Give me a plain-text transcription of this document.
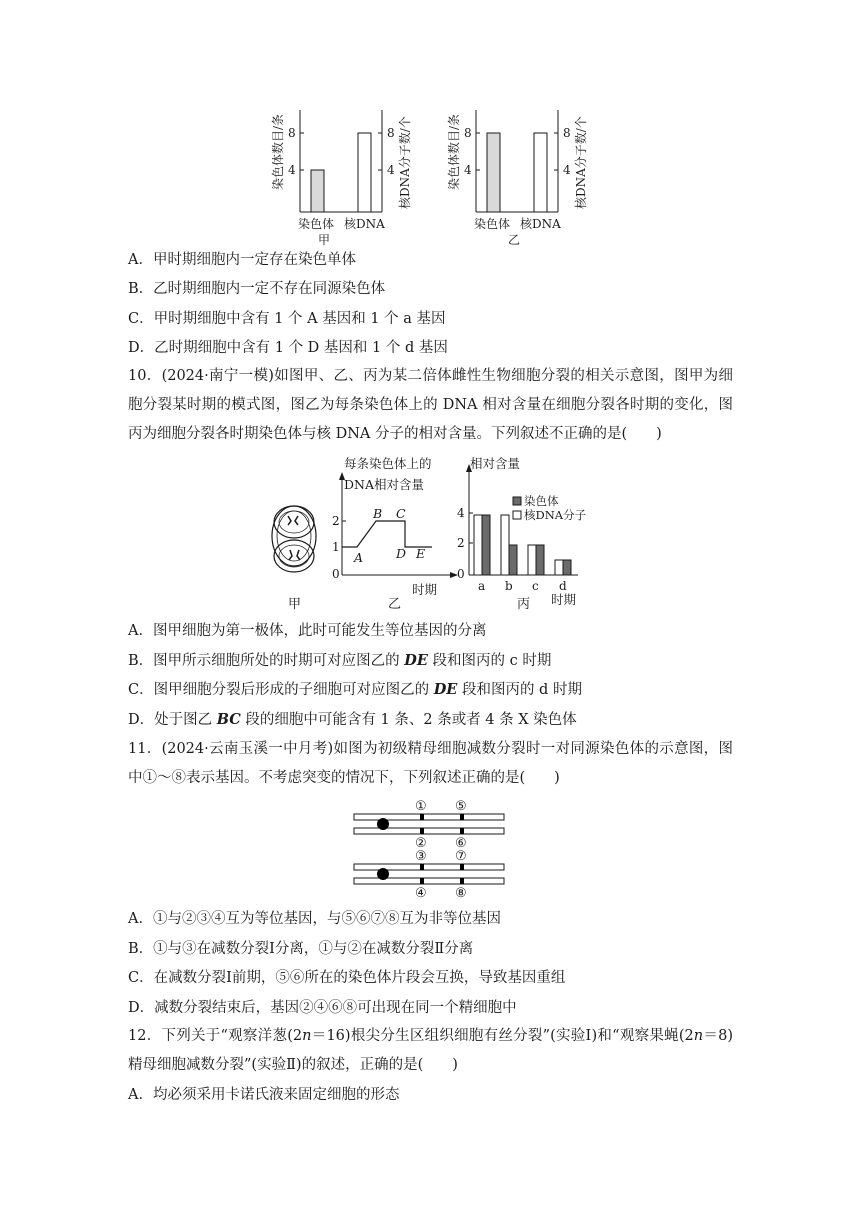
染色体数目/条 4
8
4
8 核DNA分子数/个
染色体 核DNA
甲
染色体数目/条 4
8
4
8 核DNA分子数/个
染色体 核DNA
乙
A．甲时期细胞内一定存在染色单体
B．乙时期细胞内一定不存在同源染色体
C．甲时期细胞中含有 1 个 A 基因和 1 个 a 基因
D．乙时期细胞中含有 1 个 D 基因和 1 个 d 基因
10．(2024·南宁一模)如图甲、乙、丙为某二倍体雌性生物细胞分裂的相关示意图，图甲为细胞分裂某时期的模式图，图乙为每条染色体上的 DNA 相对含量在细胞分裂各时期的变化，图丙为细胞分裂各时期染色体与核 DNA 分子的相对含量。下列叙述不正确的是(　　)
甲
每条染色体上的
DNA相对含量
0
1
2
A
B C
D E
时期
乙
相对含量
0
2
4
染色体
核DNA分子
a b c d
时期
丙
A．图甲细胞为第一极体，此时可能发生等位基因的分离
B．图甲所示细胞所处的时期可对应图乙的 DE 段和图丙的 c 时期
C．图甲细胞分裂后形成的子细胞可对应图乙的 DE 段和图丙的 d 时期
D．处于图乙 BC 段的细胞中可能含有 1 条、2 条或者 4 条 X 染色体
11．(2024·云南玉溪一中月考)如图为初级精母细胞减数分裂时一对同源染色体的示意图，图中①～⑧表示基因。不考虑突变的情况下，下列叙述正确的是(　　)
① ⑤
② ⑥
③ ⑦
④ ⑧
A．①与②③④互为等位基因，与⑤⑥⑦⑧互为非等位基因
B．①与③在减数分裂Ⅰ分离，①与②在减数分裂Ⅱ分离
C．在减数分裂Ⅰ前期，⑤⑥所在的染色体片段会互换，导致基因重组
D．减数分裂结束后，基因②④⑥⑧可出现在同一个精细胞中
12．下列关于“观察洋葱(2n＝16)根尖分生区组织细胞有丝分裂”(实验Ⅰ)和“观察果蝇(2n＝8)精母细胞减数分裂”(实验Ⅱ)的叙述，正确的是(　　)
A．均必须采用卡诺氏液来固定细胞的形态
